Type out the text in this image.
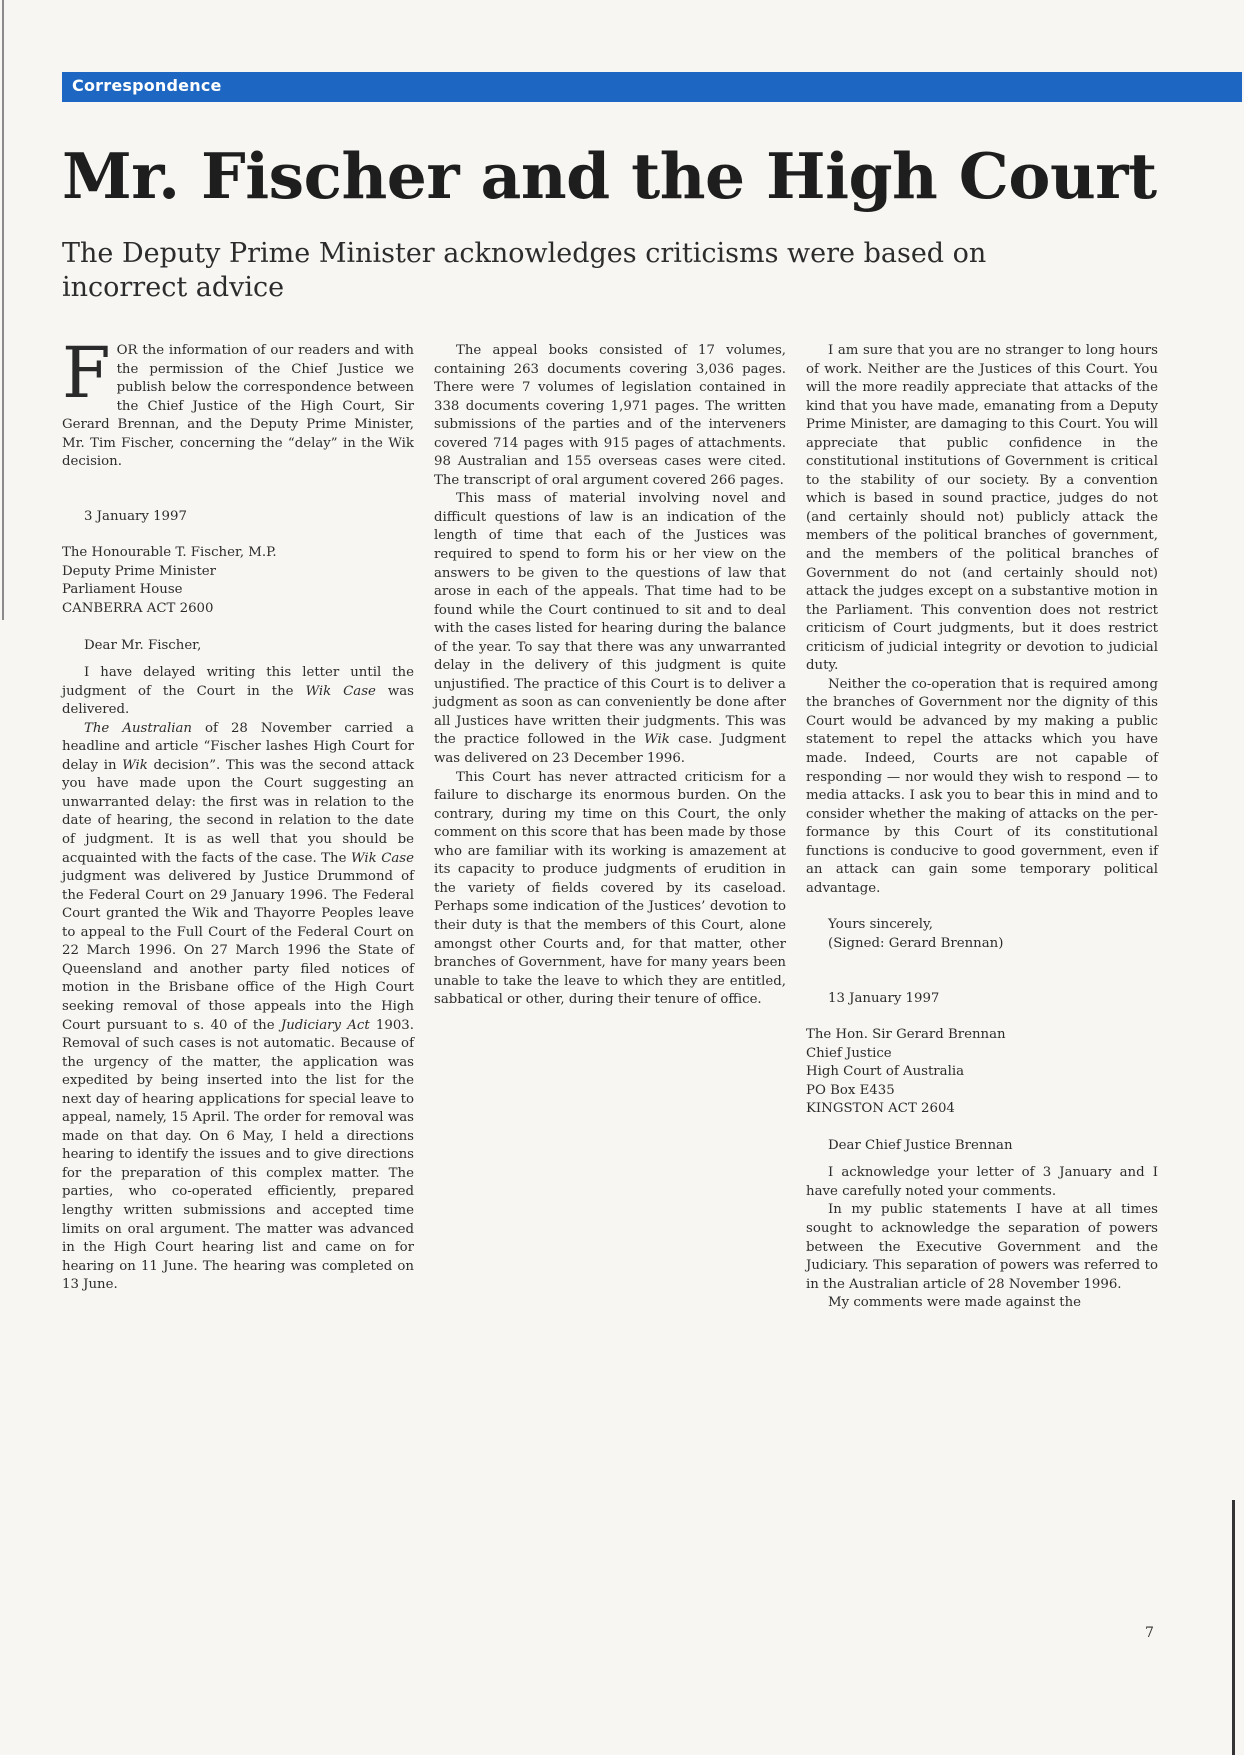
Correspondence
Mr. Fischer and the High Court
The Deputy Prime Minister acknowledges criticisms were based on incorrect advice

FOR the information of our readers and with the permission of the Chief Justice we publish below the correspondence between the Chief Justice of the High Court, Sir Gerard Brennan, and the Deputy Prime Minister, Mr. Tim Fischer, concerning the “delay” in the Wik decision.

3 January 1997

The Honourable T. Fischer, M.P.
Deputy Prime Minister
Parliament House
CANBERRA ACT 2600

Dear Mr. Fischer,

I have delayed writing this letter until the judgment of the Court in the Wik Case was delivered.

The Australian of 28 November carried a headline and article “Fischer lashes High Court for delay in Wik decision”. This was the second attack you have made upon the Court suggesting an unwarranted delay: the first was in relation to the date of hearing, the second in relation to the date of judgment. It is as well that you should be acquainted with the facts of the case. The Wik Case judgment was delivered by Justice Drummond of the Federal Court on 29 January 1996. The Federal Court granted the Wik and Thayorre Peoples leave to appeal to the Full Court of the Federal Court on 22 March 1996. On 27 March 1996 the State of Queensland and another party filed notices of motion in the Brisbane office of the High Court seeking removal of those appeals into the High Court pursuant to s. 40 of the Judiciary Act 1903. Removal of such cases is not automatic. Because of the urgency of the matter, the application was expedited by being inserted into the list for the next day of hearing applications for special leave to appeal, namely, 15 April. The order for removal was made on that day. On 6 May, I held a directions hearing to identify the issues and to give directions for the preparation of this complex matter. The parties, who co-operated efficiently, prepared lengthy written submissions and accepted time limits on oral argument. The matter was advanced in the High Court hearing list and came on for hearing on 11 June. The hearing was completed on 13 June.

The appeal books consisted of 17 volumes, containing 263 documents covering 3,036 pages. There were 7 volumes of legislation contained in 338 documents covering 1,971 pages. The written submissions of the parties and of the interveners covered 714 pages with 915 pages of attachments. 98 Australian and 155 overseas cases were cited. The transcript of oral argument covered 266 pages.

This mass of material involving novel and difficult questions of law is an indication of the length of time that each of the Justices was required to spend to form his or her view on the answers to be given to the questions of law that arose in each of the appeals. That time had to be found while the Court continued to sit and to deal with the cases listed for hearing during the balance of the year. To say that there was any unwarranted delay in the delivery of this judgment is quite unjustified. The practice of this Court is to deliver a judgment as soon as can conveniently be done after all Justices have written their judgments. This was the practice followed in the Wik case. Judgment was delivered on 23 December 1996.

This Court has never attracted criticism for a failure to discharge its enormous burden. On the contrary, during my time on this Court, the only comment on this score that has been made by those who are familiar with its working is amazement at its capacity to produce judgments of erudition in the variety of fields covered by its caseload. Perhaps some indication of the Justices’ devotion to their duty is that the members of this Court, alone amongst other Courts and, for that matter, other branches of Government, have for many years been unable to take the leave to which they are entitled, sabbatical or other, during their tenure of office.

I am sure that you are no stranger to long hours of work. Neither are the Justices of this Court. You will the more readily appreciate that attacks of the kind that you have made, emanating from a Deputy Prime Minister, are damaging to this Court. You will appreciate that public confidence in the constitutional institutions of Government is critical to the stability of our society. By a convention which is based in sound practice, judges do not (and certainly should not) publicly attack the members of the political branches of government, and the members of the political branches of Government do not (and certainly should not) attack the judges except on a substantive motion in the Parliament. This convention does not restrict criticism of Court judgments, but it does restrict criticism of judicial integrity or devotion to judicial duty.

Neither the co-operation that is required among the branches of Government nor the dignity of this Court would be advanced by my making a public statement to repel the attacks which you have made. Indeed, Courts are not capable of responding — nor would they wish to respond — to media attacks. I ask you to bear this in mind and to consider whether the making of attacks on the performance by this Court of its constitutional functions is conducive to good government, even if an attack can gain some temporary political advantage.

Yours sincerely,
(Signed: Gerard Brennan)

13 January 1997

The Hon. Sir Gerard Brennan
Chief Justice
High Court of Australia
PO Box E435
KINGSTON ACT 2604

Dear Chief Justice Brennan

I acknowledge your letter of 3 January and I have carefully noted your comments.

In my public statements I have at all times sought to acknowledge the separation of powers between the Executive Government and the Judiciary. This separation of powers was referred to in the Australian article of 28 November 1996.

My comments were made against the

7
